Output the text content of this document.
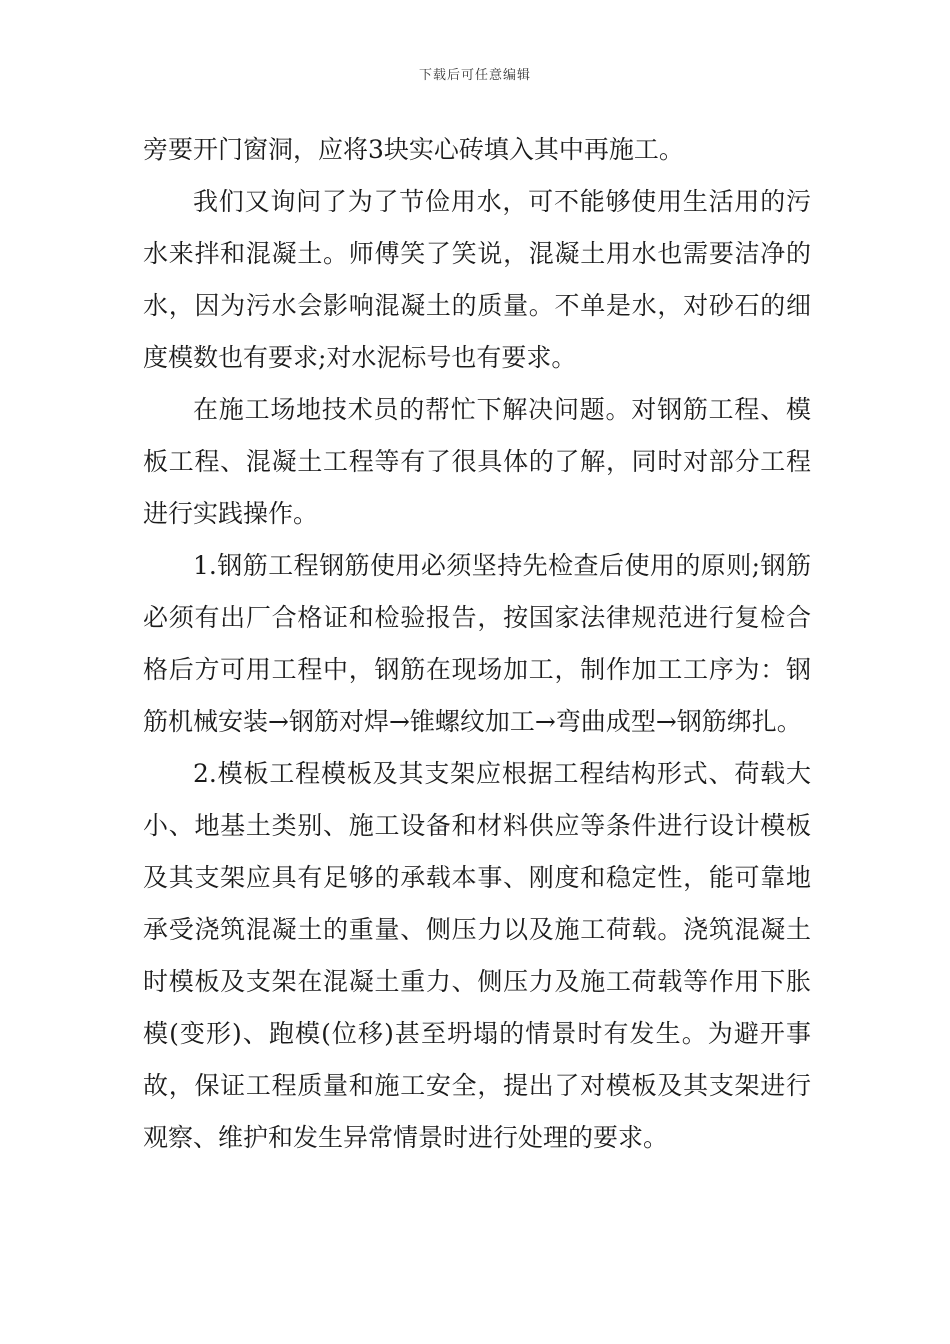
下载后可任意编辑

旁要开门窗洞，应将3块实心砖填入其中再施工。

我们又询问了为了节俭用水，可不能够使用生活用的污水来拌和混凝土。师傅笑了笑说，混凝土用水也需要洁净的水，因为污水会影响混凝土的质量。不单是水，对砂石的细度模数也有要求;对水泥标号也有要求。

在施工场地技术员的帮忙下解决问题。对钢筋工程、模板工程、混凝土工程等有了很具体的了解，同时对部分工程进行实践操作。

1.钢筋工程钢筋使用必须坚持先检查后使用的原则;钢筋必须有出厂合格证和检验报告，按国家法律规范进行复检合格后方可用工程中，钢筋在现场加工，制作加工工序为：钢筋机械安装→钢筋对焊→锥螺纹加工→弯曲成型→钢筋绑扎。

2.模板工程模板及其支架应根据工程结构形式、荷载大小、地基土类别、施工设备和材料供应等条件进行设计模板及其支架应具有足够的承载本事、刚度和稳定性，能可靠地承受浇筑混凝土的重量、侧压力以及施工荷载。浇筑混凝土时模板及支架在混凝土重力、侧压力及施工荷载等作用下胀模(变形)、跑模(位移)甚至坍塌的情景时有发生。为避开事故，保证工程质量和施工安全，提出了对模板及其支架进行观察、维护和发生异常情景时进行处理的要求。
